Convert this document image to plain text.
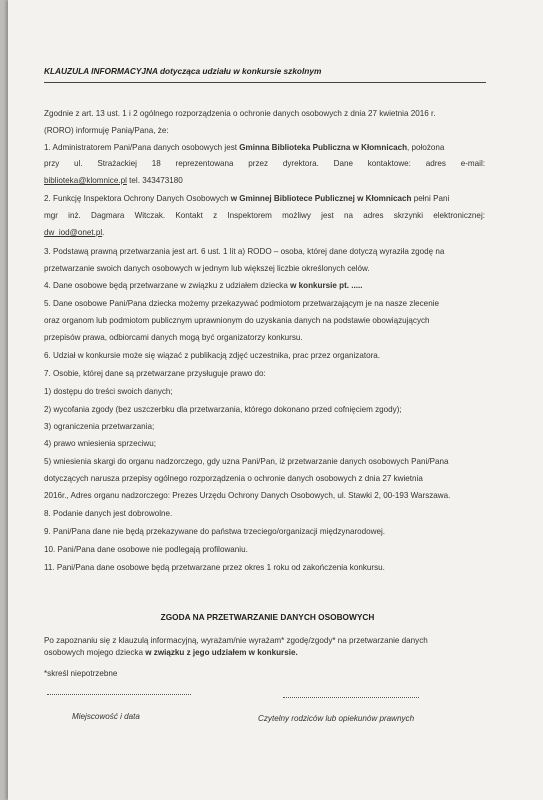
KLAUZULA INFORMACYJNA dotycząca udziału w konkursie szkolnym
Zgodnie z art. 13 ust. 1 i 2 ogólnego rozporządzenia o ochronie danych osobowych z dnia 27 kwietnia 2016 r.
(RORO) informuję Panią/Pana, że:
1. Administratorem Pani/Pana danych osobowych jest Gminna Biblioteka Publiczna w Kłomnicach, położona
przy ul. Strażackiej 18 reprezentowana przez dyrektora. Dane kontaktowe: adres e-mail:
biblioteka@klomnice.pl tel. 343473180
2. Funkcję Inspektora Ochrony Danych Osobowych w Gminnej Bibliotece Publicznej w Kłomnicach pełni Pani
mgr inż. Dagmara Witczak. Kontakt z Inspektorem możliwy jest na adres skrzynki elektronicznej:
dw_iod@onet.pl.
3. Podstawą prawną przetwarzania jest art. 6 ust. 1 lit a) RODO – osoba, której dane dotyczą wyraziła zgodę na
przetwarzanie swoich danych osobowych w jednym lub większej liczbie określonych celów.
4. Dane osobowe będą przetwarzane w związku z udziałem dziecka w konkursie pt. .....
5. Dane osobowe Pani/Pana dziecka możemy przekazywać podmiotom przetwarzającym je na nasze zlecenie
oraz organom lub podmiotom publicznym uprawnionym do uzyskania danych na podstawie obowiązujących
przepisów prawa, odbiorcami danych mogą być organizatorzy konkursu.
6. Udział w konkursie może się wiązać z publikacją zdjęć uczestnika, prac przez organizatora.
7. Osobie, której dane są przetwarzane przysługuje prawo do:
1) dostępu do treści swoich danych;
2) wycofania zgody (bez uszczerbku dla przetwarzania, którego dokonano przed cofnięciem zgody);
3) ograniczenia przetwarzania;
4) prawo wniesienia sprzeciwu;
5) wniesienia skargi do organu nadzorczego, gdy uzna Pani/Pan, iż przetwarzanie danych osobowych Pani/Pana
dotyczących narusza przepisy ogólnego rozporządzenia o ochronie danych osobowych z dnia 27 kwietnia
2016r., Adres organu nadzorczego: Prezes Urzędu Ochrony Danych Osobowych, ul. Stawki 2, 00-193 Warszawa.
8. Podanie danych jest dobrowolne.
9. Pani/Pana dane nie będą przekazywane do państwa trzeciego/organizacji międzynarodowej.
10. Pani/Pana dane osobowe nie podlegają profilowaniu.
11. Pani/Pana dane osobowe będą przetwarzane przez okres 1 roku od zakończenia konkursu.
ZGODA NA PRZETWARZANIE DANYCH OSOBOWYCH
Po zapoznaniu się z klauzulą informacyjną, wyrażam/nie wyrażam* zgodę/zgody* na przetwarzanie danych
osobowych mojego dziecka w związku z jego udziałem w konkursie.
*skreśl niepotrzebne
Miejscowość i data	Czytelny rodziców lub opiekunów prawnych
